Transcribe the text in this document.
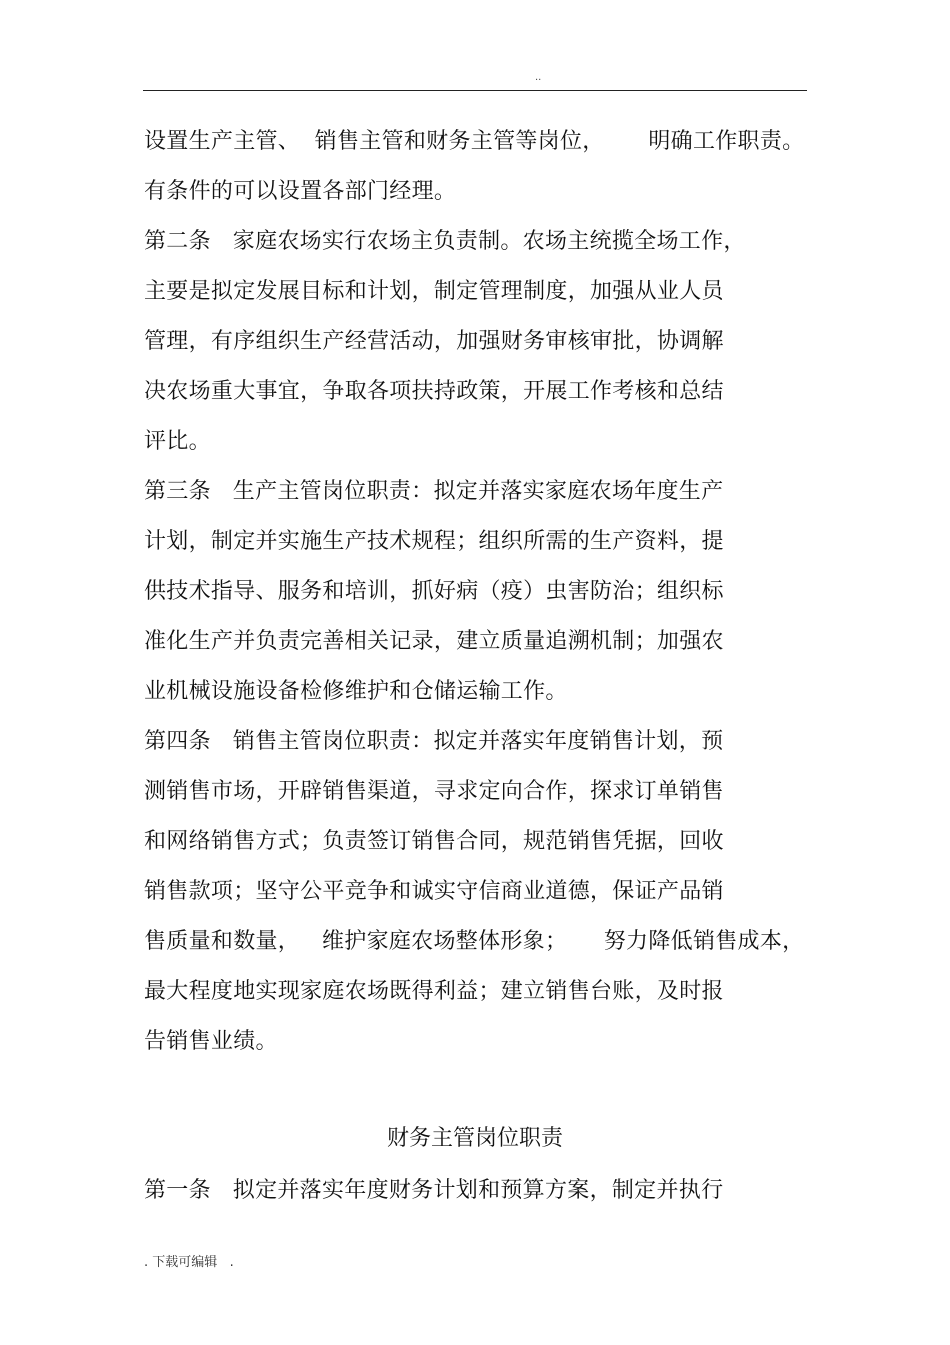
..
设置生产主管、  销售主管和财务主管等岗位，      明确工作职责。
有条件的可以设置各部门经理。
第二条   家庭农场实行农场主负责制。农场主统揽全场工作，
主要是拟定发展目标和计划，制定管理制度，加强从业人员
管理，有序组织生产经营活动，加强财务审核审批，协调解
决农场重大事宜，争取各项扶持政策，开展工作考核和总结
评比。
第三条   生产主管岗位职责：拟定并落实家庭农场年度生产
计划，制定并实施生产技术规程；组织所需的生产资料，提
供技术指导、服务和培训，抓好病（疫）虫害防治；组织标
准化生产并负责完善相关记录，建立质量追溯机制；加强农
业机械设施设备检修维护和仓储运输工作。
第四条   销售主管岗位职责：拟定并落实年度销售计划，预
测销售市场，开辟销售渠道，寻求定向合作，探求订单销售
和网络销售方式；负责签订销售合同，规范销售凭据，回收
销售款项；坚守公平竞争和诚实守信商业道德，保证产品销
售质量和数量，   维护家庭农场整体形象；     努力降低销售成本，
最大程度地实现家庭农场既得利益；建立销售台账，及时报
告销售业绩。
财务主管岗位职责
第一条   拟定并落实年度财务计划和预算方案，制定并执行
. 下载可编辑   .
